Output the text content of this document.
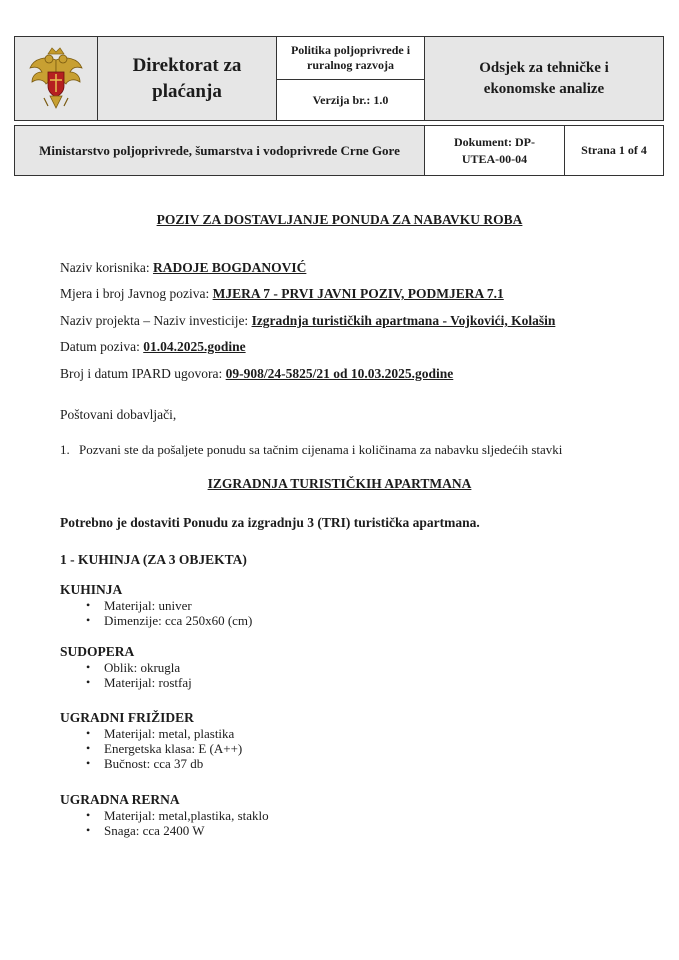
Direktorat za plaćanja
Politika poljoprivrede i ruralnog razvoja
Verzija br.: 1.0
Odsjek za tehničke i ekonomske analize
Ministarstvo poljoprivrede, šumarstva i vodoprivrede Crne Gore
Dokument: DP-UTEA-00-04
Strana 1 of 4
POZIV ZA DOSTAVLJANJE PONUDA ZA NABAVKU ROBA
Naziv korisnika: RADOJE BOGDANOVIĆ
Mjera i broj Javnog poziva: MJERA 7 - PRVI JAVNI POZIV, PODMJERA 7.1
Naziv projekta – Naziv investicije: Izgradnja turističkih apartmana - Vojkovići, Kolašin
Datum poziva: 01.04.2025.godine
Broj i datum IPARD ugovora: 09-908/24-5825/21 od 10.03.2025.godine
Poštovani dobavljači,
1. Pozvani ste da pošaljete ponudu sa tačnim cijenama i količinama za nabavku sljedećih stavki
IZGRADNJA TURISTIČKIH APARTMANA
Potrebno je dostaviti Ponudu za izgradnju 3 (TRI) turistička apartmana.
1 - KUHINJA (ZA 3 OBJEKTA)
KUHINJA
• Materijal: univer
• Dimenzije: cca 250x60 (cm)
SUDOPERA
• Oblik: okrugla
• Materijal: rostfaj
UGRADNI FRIŽIDER
• Materijal: metal, plastika
• Energetska klasa: E (A++)
• Bučnost: cca 37 db
UGRADNA RERNA
• Materijal: metal,plastika, staklo
• Snaga: cca 2400 W
